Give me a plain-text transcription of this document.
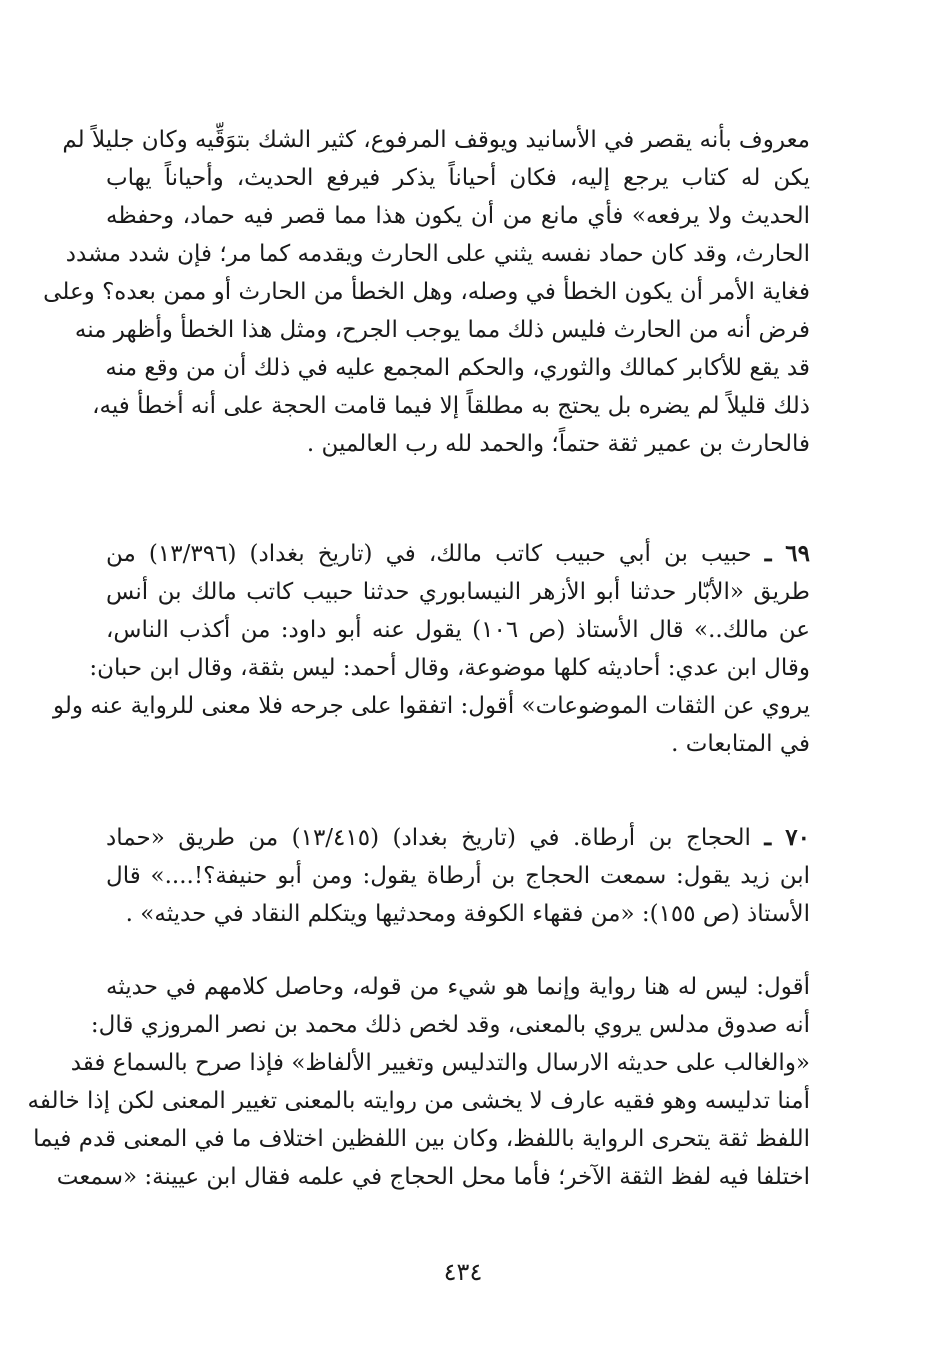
معروف بأنه يقصر في الأسانيد ويوقف المرفوع، كثير الشك بتوَقِّيه وكان جليلاً لم
يكن له كتاب يرجع إليه، فكان أحياناً يذكر فيرفع الحديث، وأحياناً يهاب
الحديث ولا يرفعه» فأي مانع من أن يكون هذا مما قصر فيه حماد، وحفظه
الحارث، وقد كان حماد نفسه يثني على الحارث ويقدمه كما مر؛ فإن شدد مشدد
فغاية الأمر أن يكون الخطأ في وصله، وهل الخطأ من الحارث أو ممن بعده؟ وعلى
فرض أنه من الحارث فليس ذلك مما يوجب الجرح، ومثل هذا الخطأ وأظهر منه
قد يقع للأكابر كمالك والثوري، والحكم المجمع عليه في ذلك أن من وقع منه
ذلك قليلاً لم يضره بل يحتج به مطلقاً إلا فيما قامت الحجة على أنه أخطأ فيه،
فالحارث بن عمير ثقة حتماً؛ والحمد لله رب العالمين .
٦٩ ـ حبيب بن أبي حبيب كاتب مالك، في (تاريخ بغداد) (١٣/٣٩٦) من
طريق «الأبّار حدثنا أبو الأزهر النيسابوري حدثنا حبيب كاتب مالك بن أنس
عن مالك..» قال الأستاذ (ص ١٠٦) يقول عنه أبو داود: من أكذب الناس،
وقال ابن عدي: أحاديثه كلها موضوعة، وقال أحمد: ليس بثقة، وقال ابن حبان:
يروي عن الثقات الموضوعات» أقول: اتفقوا على جرحه فلا معنى للرواية عنه ولو
في المتابعات .
٧٠ ـ الحجاج بن أرطاة. في (تاريخ بغداد) (١٣/٤١٥) من طريق «حماد
ابن زيد يقول: سمعت الحجاج بن أرطاة يقول: ومن أبو حنيفة؟!....» قال
الأستاذ (ص ١٥٥): «من فقهاء الكوفة ومحدثيها ويتكلم النقاد في حديثه» .
أقول: ليس له هنا رواية وإنما هو شيء من قوله، وحاصل كلامهم في حديثه
أنه صدوق مدلس يروي بالمعنى، وقد لخص ذلك محمد بن نصر المروزي قال:
«والغالب على حديثه الارسال والتدليس وتغيير الألفاظ» فإذا صرح بالسماع فقد
أمنا تدليسه وهو فقيه عارف لا يخشى من روايته بالمعنى تغيير المعنى لكن إذا خالفه
اللفظ ثقة يتحرى الرواية باللفظ، وكان بين اللفظين اختلاف ما في المعنى قدم فيما
اختلفا فيه لفظ الثقة الآخر؛ فأما محل الحجاج في علمه فقال ابن عيينة: «سمعت
٤٣٤
